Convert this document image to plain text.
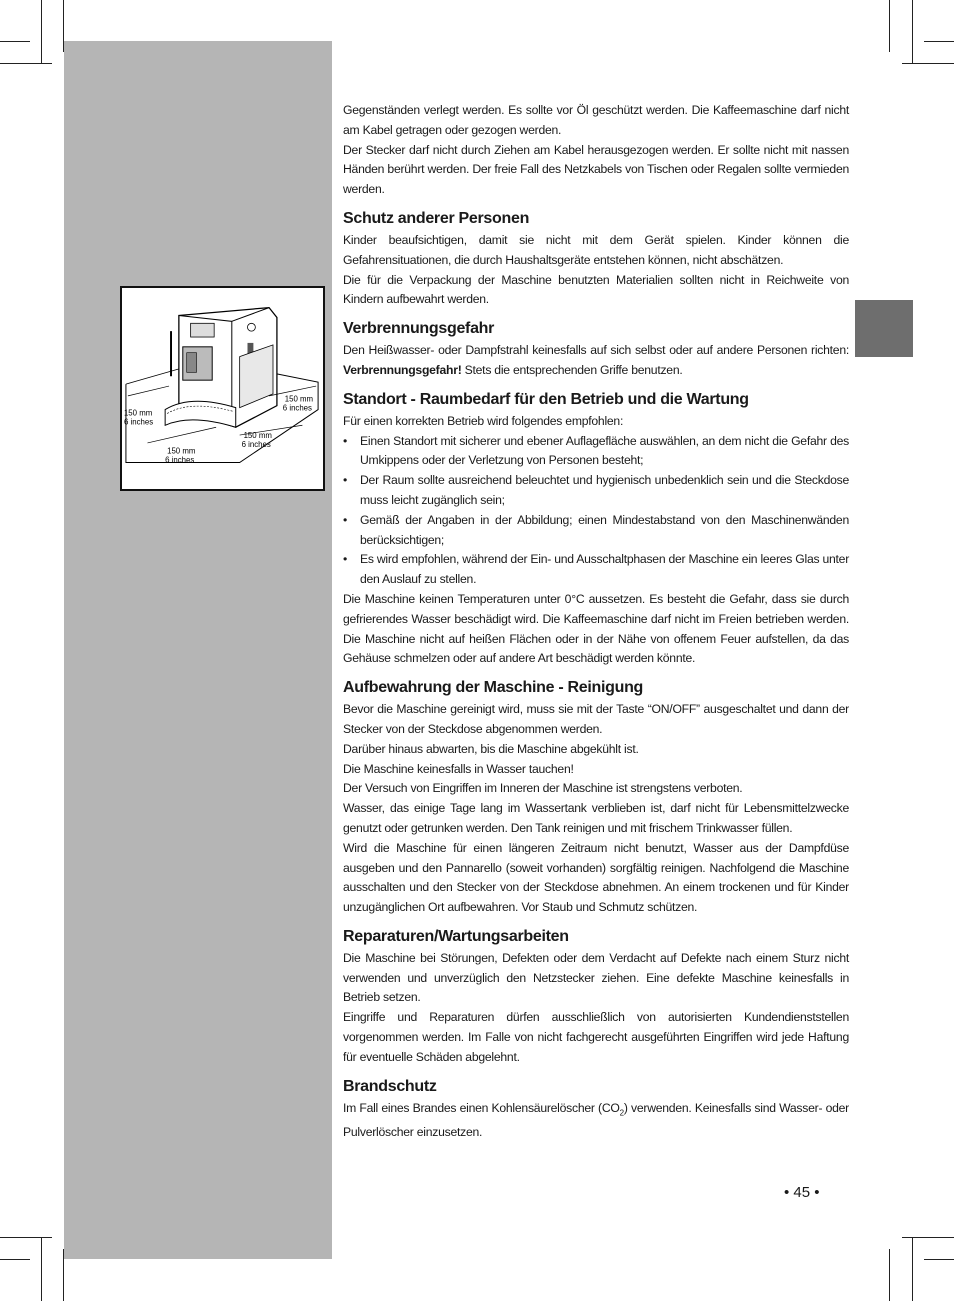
150 mm
6 inches
150 mm
6 inches
150 mm
6 inches
150 mm
6 inches

Gegenständen verlegt werden. Es sollte vor Öl geschützt werden. Die Kaffeemaschine darf nicht am Kabel getragen oder gezogen werden.

Der Stecker darf nicht durch Ziehen am Kabel herausgezogen werden. Er sollte nicht mit nassen Händen berührt werden. Der freie Fall des Netzkabels von Tischen oder Regalen sollte vermieden werden.

Schutz anderer Personen

Kinder beaufsichtigen, damit sie nicht mit dem Gerät spielen. Kinder können die Gefahrensituationen, die durch Haushaltsgeräte entstehen können, nicht abschätzen.

Die für die Verpackung der Maschine benutzten Materialien sollten nicht in Reichweite von Kindern aufbewahrt werden.

Verbrennungsgefahr

Den Heißwasser- oder Dampfstrahl keinesfalls auf sich selbst oder auf andere Personen richten: Verbrennungsgefahr! Stets die entsprechenden Griffe benutzen.

Standort - Raumbedarf für den Betrieb und die Wartung

Für einen korrekten Betrieb wird folgendes empfohlen:

• Einen Standort mit sicherer und ebener Auflagefläche auswählen, an dem nicht die Gefahr des Umkippens oder der Verletzung von Personen besteht;
• Der Raum sollte ausreichend beleuchtet und hygienisch unbedenklich sein und die Steckdose muss leicht zugänglich sein;
• Gemäß der Angaben in der Abbildung; einen Mindestabstand von den Maschinenwänden berücksichtigen;
• Es wird empfohlen, während der Ein- und Ausschaltphasen der Maschine ein leeres Glas unter den Auslauf zu stellen.

Die Maschine keinen Temperaturen unter 0°C aussetzen. Es besteht die Gefahr, dass sie durch gefrierendes Wasser beschädigt wird. Die Kaffeemaschine darf nicht im Freien betrieben werden. Die Maschine nicht auf heißen Flächen oder in der Nähe von offenem Feuer aufstellen, da das Gehäuse schmelzen oder auf andere Art beschädigt werden könnte.

Aufbewahrung der Maschine - Reinigung

Bevor die Maschine gereinigt wird, muss sie mit der Taste “ON/OFF” ausgeschaltet und dann der Stecker von der Steckdose abgenommen werden.

Darüber hinaus abwarten, bis die Maschine abgekühlt ist.

Die Maschine keinesfalls in Wasser tauchen!

Der Versuch von Eingriffen im Inneren der Maschine ist strengstens verboten.

Wasser, das einige Tage lang im Wassertank verblieben ist, darf nicht für Lebensmittelzwecke genutzt oder getrunken werden. Den Tank reinigen und mit frischem Trinkwasser füllen.

Wird die Maschine für einen längeren Zeitraum nicht benutzt, Wasser aus der Dampfdüse ausgeben und den Pannarello (soweit vorhanden) sorgfältig reinigen. Nachfolgend die Maschine ausschalten und den Stecker von der Steckdose abnehmen. An einem trockenen und für Kinder unzugänglichen Ort aufbewahren. Vor Staub und Schmutz schützen.

Reparaturen/Wartungsarbeiten

Die Maschine bei Störungen, Defekten oder dem Verdacht auf Defekte nach einem Sturz nicht verwenden und unverzüglich den Netzstecker ziehen. Eine defekte Maschine keinesfalls in Betrieb setzen.

Eingriffe und Reparaturen dürfen ausschließlich von autorisierten Kundendienststellen vorgenommen werden. Im Falle von nicht fachgerecht ausgeführten Eingriffen wird jede Haftung für eventuelle Schäden abgelehnt.

Brandschutz

Im Fall eines Brandes einen Kohlensäurelöscher $(CO_2)$ verwenden. Keinesfalls sind Wasser- oder Pulverlöscher einzusetzen.

• 45 •
